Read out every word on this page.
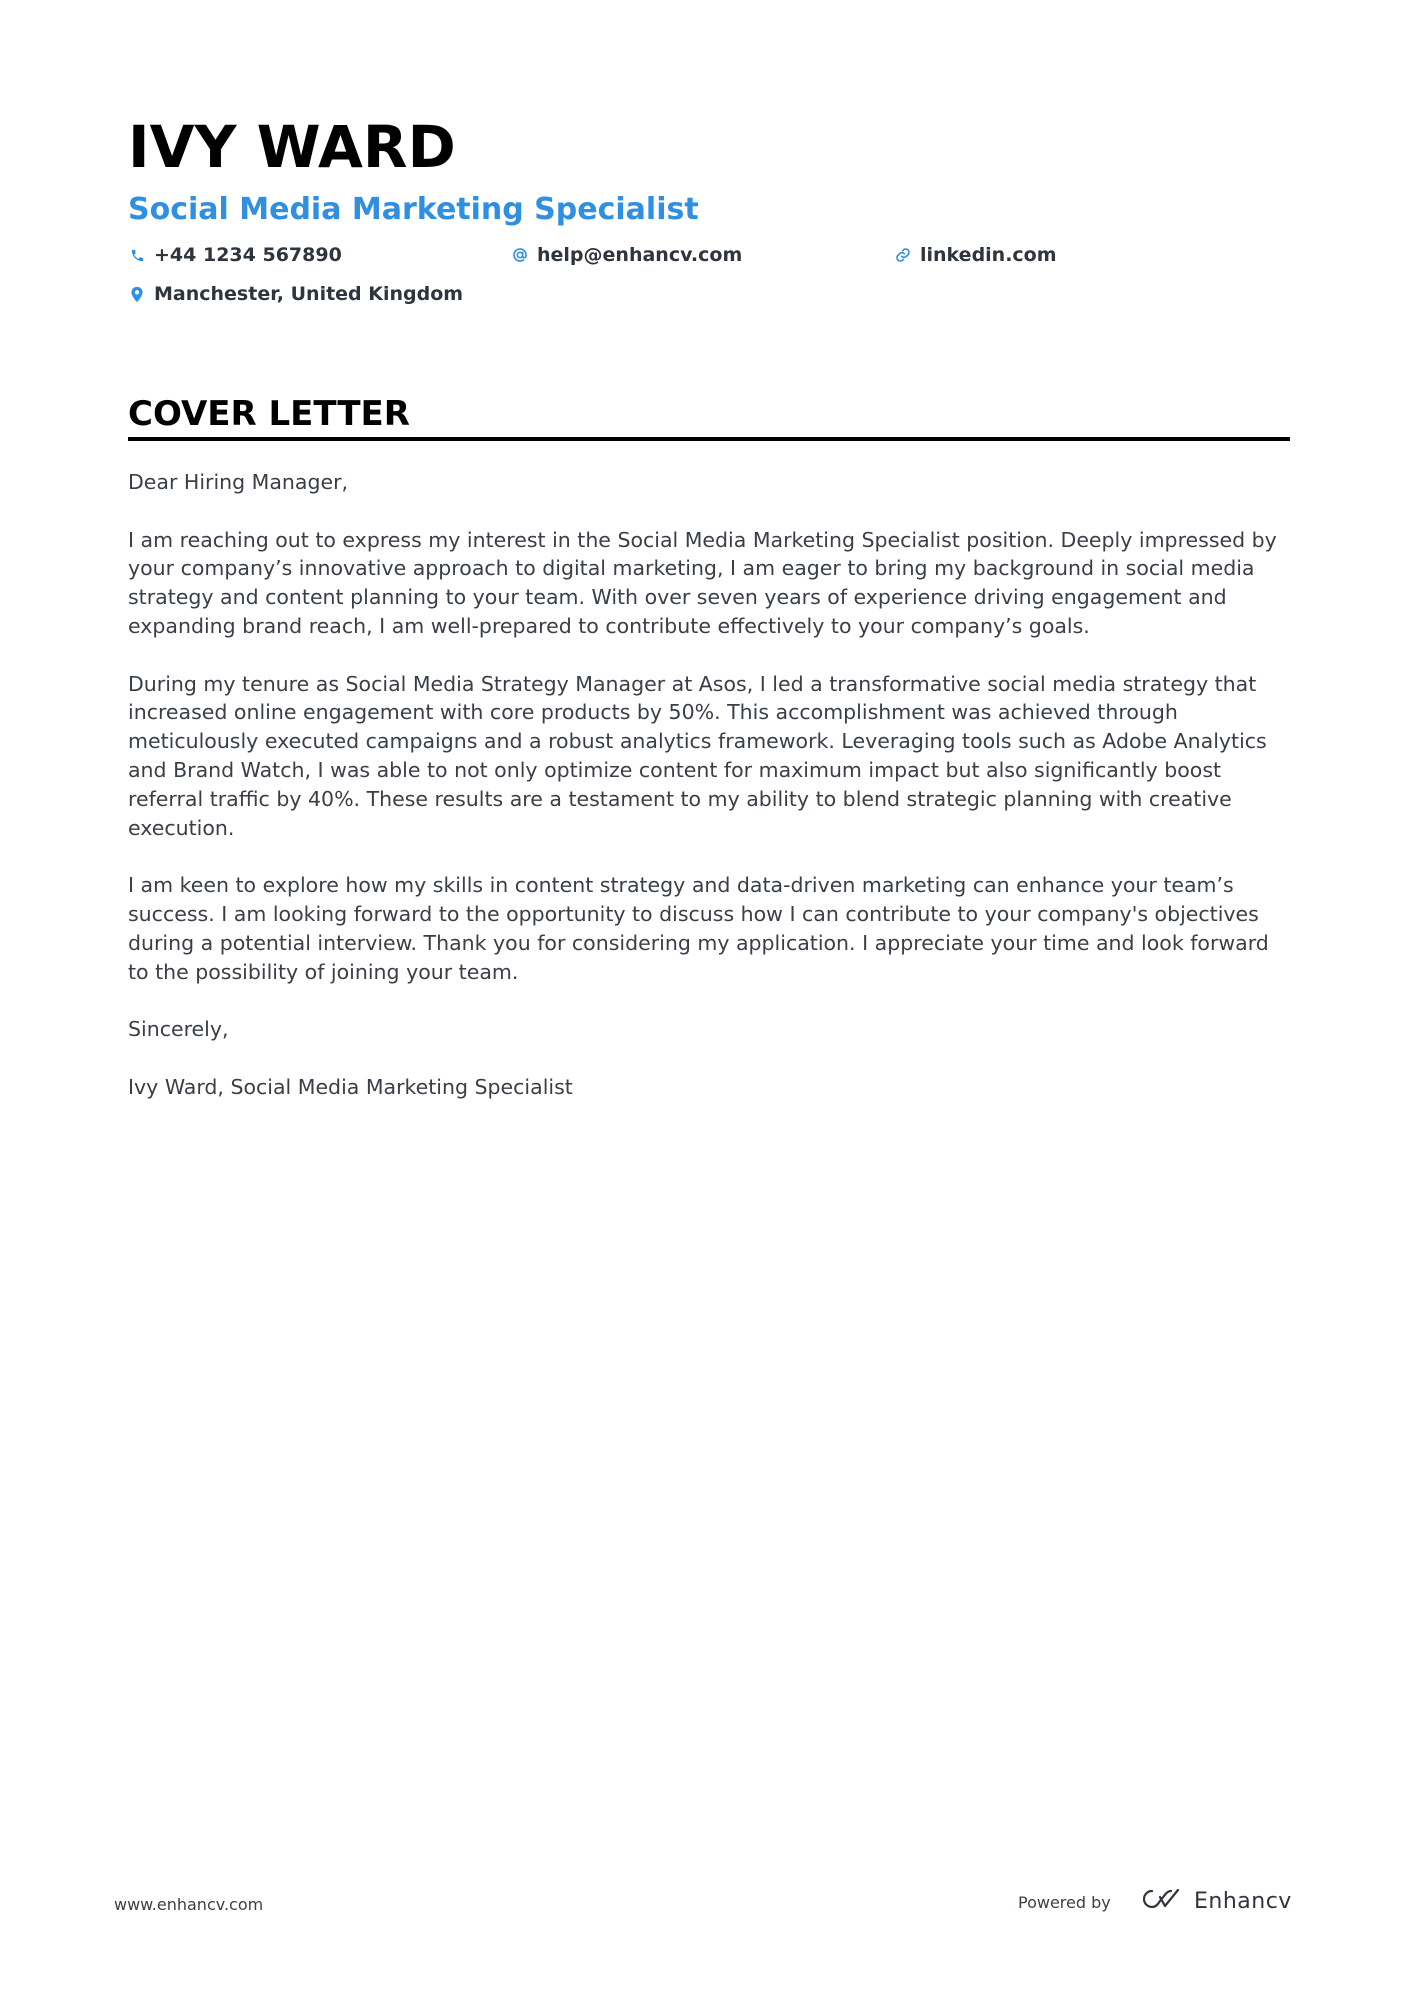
IVY WARD
Social Media Marketing Specialist
+44 1234 567890	help@enhancv.com	linkedin.com
Manchester, United Kingdom
COVER LETTER

Dear Hiring Manager,

I am reaching out to express my interest in the Social Media Marketing Specialist position. Deeply impressed by your company’s innovative approach to digital marketing, I am eager to bring my background in social media strategy and content planning to your team. With over seven years of experience driving engagement and expanding brand reach, I am well-prepared to contribute effectively to your company’s goals.

During my tenure as Social Media Strategy Manager at Asos, I led a transformative social media strategy that increased online engagement with core products by 50%. This accomplishment was achieved through meticulously executed campaigns and a robust analytics framework. Leveraging tools such as Adobe Analytics and Brand Watch, I was able to not only optimize content for maximum impact but also significantly boost referral traffic by 40%. These results are a testament to my ability to blend strategic planning with creative execution.

I am keen to explore how my skills in content strategy and data-driven marketing can enhance your team’s success. I am looking forward to the opportunity to discuss how I can contribute to your company's objectives during a potential interview. Thank you for considering my application. I appreciate your time and look forward to the possibility of joining your team.

Sincerely,

Ivy Ward, Social Media Marketing Specialist

www.enhancv.com	Powered by	Enhancv
